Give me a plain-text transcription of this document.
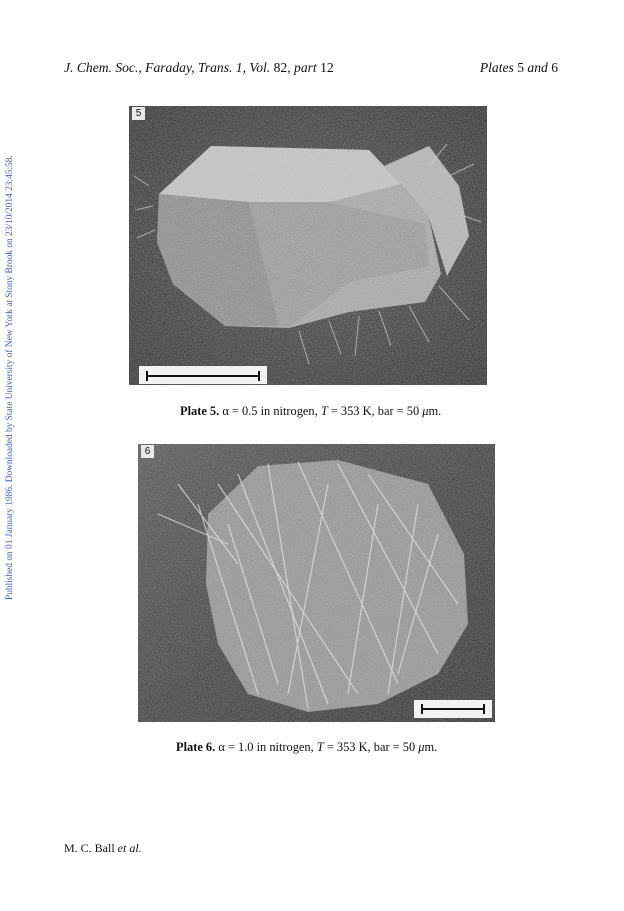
Published on 01 January 1986. Downloaded by State University of New York at Stony Brook on 23/10/2014 23:45:58.
J. Chem. Soc., Faraday, Trans. 1, Vol. 82, part 12	Plates 5 and 6
5
Plate 5. α = 0.5 in nitrogen, T = 353 K, bar = 50 μm.
6
Plate 6. α = 1.0 in nitrogen, T = 353 K, bar = 50 μm.
M. C. Ball et al.
